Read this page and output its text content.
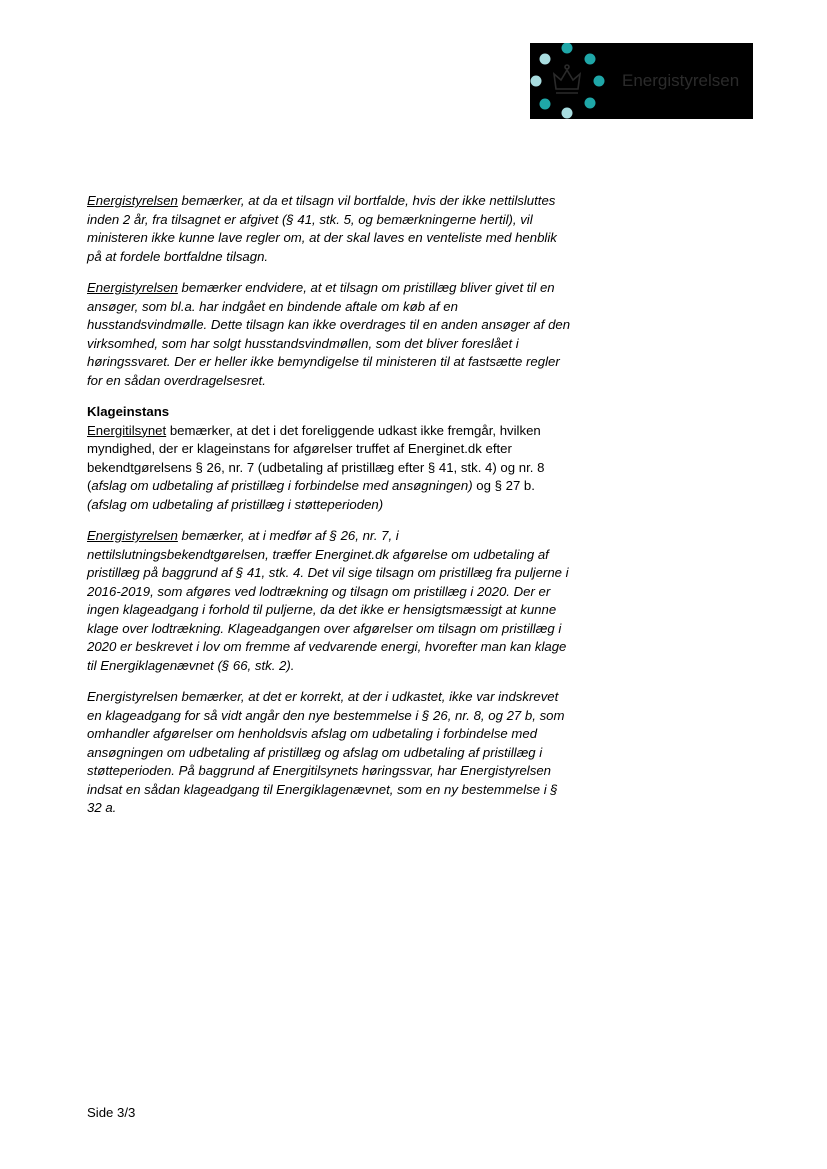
Energistyrelsen

Energistyrelsen bemærker, at da et tilsagn vil bortfalde, hvis der ikke nettilsluttes
inden 2 år, fra tilsagnet er afgivet (§ 41, stk. 5, og bemærkningerne hertil), vil
ministeren ikke kunne lave regler om, at der skal laves en venteliste med henblik
på at fordele bortfaldne tilsagn.

Energistyrelsen bemærker endvidere, at et tilsagn om pristillæg bliver givet til en
ansøger, som bl.a. har indgået en bindende aftale om køb af en
husstandsvindmølle. Dette tilsagn kan ikke overdrages til en anden ansøger af den
virksomhed, som har solgt husstandsvindmøllen, som det bliver foreslået i
høringssvaret. Der er heller ikke bemyndigelse til ministeren til at fastsætte regler
for en sådan overdragelsesret.

Klageinstans

Energitilsynet bemærker, at det i det foreliggende udkast ikke fremgår, hvilken
myndighed, der er klageinstans for afgørelser truffet af Energinet.dk efter
bekendtgørelsens § 26, nr. 7 (udbetaling af pristillæg efter § 41, stk. 4) og nr. 8
(afslag om udbetaling af pristillæg i forbindelse med ansøgningen) og § 27 b.
(afslag om udbetaling af pristillæg i støtteperioden)

Energistyrelsen bemærker, at i medfør af § 26, nr. 7, i
nettilslutningsbekendtgørelsen, træffer Energinet.dk afgørelse om udbetaling af
pristillæg på baggrund af § 41, stk. 4. Det vil sige tilsagn om pristillæg fra puljerne i
2016-2019, som afgøres ved lodtrækning og tilsagn om pristillæg i 2020. Der er
ingen klageadgang i forhold til puljerne, da det ikke er hensigtsmæssigt at kunne
klage over lodtrækning. Klageadgangen over afgørelser om tilsagn om pristillæg i
2020 er beskrevet i lov om fremme af vedvarende energi, hvorefter man kan klage
til Energiklagenævnet (§ 66, stk. 2).

Energistyrelsen bemærker, at det er korrekt, at der i udkastet, ikke var indskrevet
en klageadgang for så vidt angår den nye bestemmelse i § 26, nr. 8, og 27 b, som
omhandler afgørelser om henholdsvis afslag om udbetaling i forbindelse med
ansøgningen om udbetaling af pristillæg og afslag om udbetaling af pristillæg i
støtteperioden. På baggrund af Energitilsynets høringssvar, har Energistyrelsen
indsat en sådan klageadgang til Energiklagenævnet, som en ny bestemmelse i §
32 a.

Side 3/3
